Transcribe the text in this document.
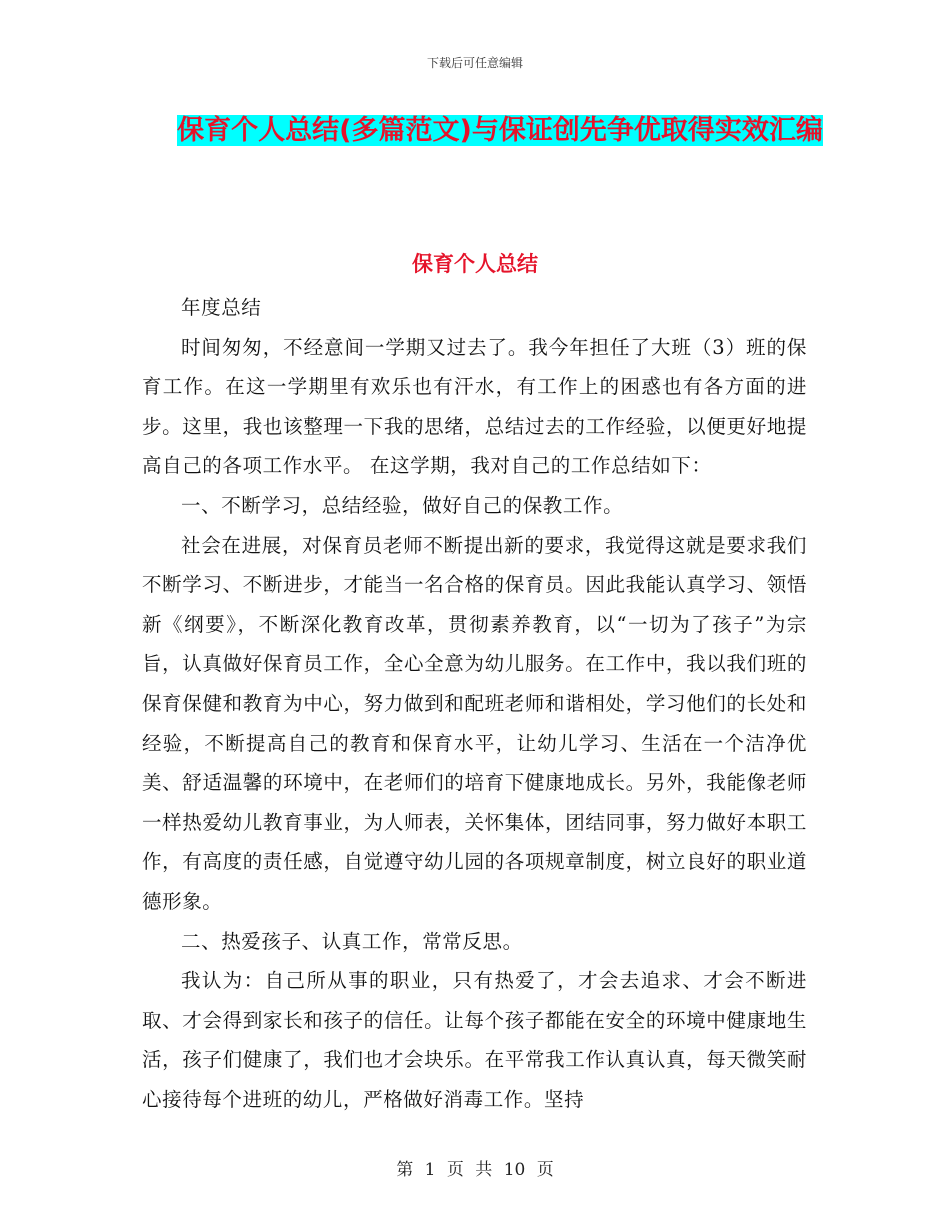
下载后可任意编辑
保育个人总结(多篇范文)与保证创先争优取得实效汇编
保育个人总结

年度总结

时间匆匆，不经意间一学期又过去了。我今年担任了大班（3）班的保育工作。在这一学期里有欢乐也有汗水，有工作上的困惑也有各方面的进步。这里，我也该整理一下我的思绪，总结过去的工作经验，以便更好地提高自己的各项工作水平。 在这学期，我对自己的工作总结如下：

一、不断学习，总结经验，做好自己的保教工作。

社会在进展，对保育员老师不断提出新的要求，我觉得这就是要求我们不断学习、不断进步，才能当一名合格的保育员。因此我能认真学习、领悟新《纲要》，不断深化教育改革，贯彻素养教育，以“一切为了孩子”为宗旨，认真做好保育员工作，全心全意为幼儿服务。在工作中，我以我们班的保育保健和教育为中心，努力做到和配班老师和谐相处，学习他们的长处和经验，不断提高自己的教育和保育水平，让幼儿学习、生活在一个洁净优美、舒适温馨的环境中，在老师们的培育下健康地成长。另外，我能像老师一样热爱幼儿教育事业，为人师表，关怀集体，团结同事，努力做好本职工作，有高度的责任感，自觉遵守幼儿园的各项规章制度，树立良好的职业道德形象。

二、热爱孩子、认真工作，常常反思。

我认为：自己所从事的职业，只有热爱了，才会去追求、才会不断进取、才会得到家长和孩子的信任。让每个孩子都能在安全的环境中健康地生活，孩子们健康了，我们也才会块乐。在平常我工作认真认真，每天微笑耐心接待每个进班的幼儿，严格做好消毒工作。坚持

第 1 页 共 10 页
